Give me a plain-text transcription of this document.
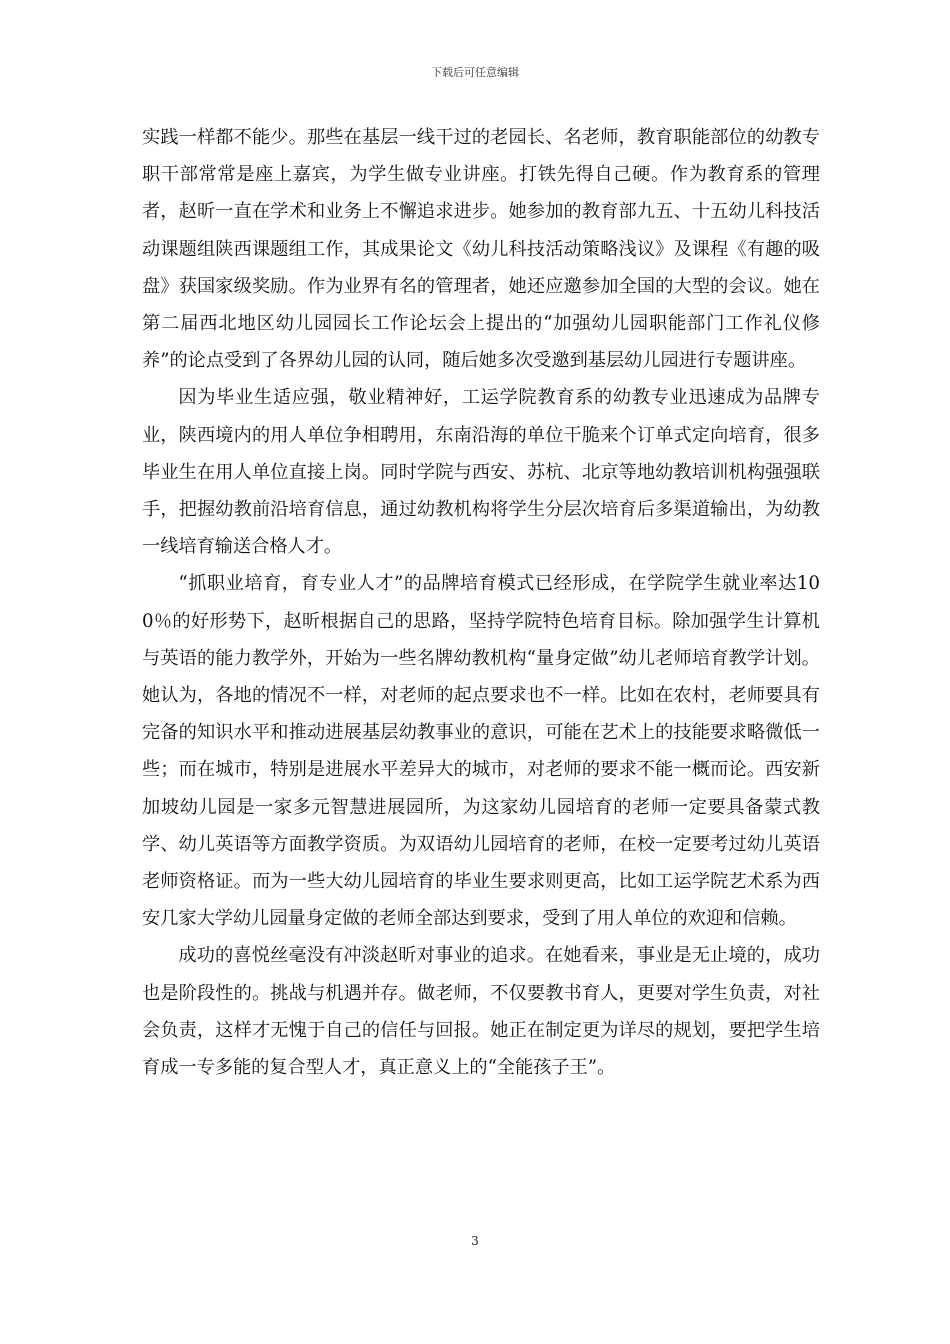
下载后可任意编辑

实践一样都不能少。那些在基层一线干过的老园长、名老师，教育职能部位的幼教专职干部常常是座上嘉宾，为学生做专业讲座。打铁先得自己硬。作为教育系的管理者，赵昕一直在学术和业务上不懈追求进步。她参加的教育部九五、十五幼儿科技活动课题组陕西课题组工作，其成果论文《幼儿科技活动策略浅议》及课程《有趣的吸盘》获国家级奖励。作为业界有名的管理者，她还应邀参加全国的大型的会议。她在第二届西北地区幼儿园园长工作论坛会上提出的“加强幼儿园职能部门工作礼仪修养”的论点受到了各界幼儿园的认同，随后她多次受邀到基层幼儿园进行专题讲座。

因为毕业生适应强，敬业精神好，工运学院教育系的幼教专业迅速成为品牌专业，陕西境内的用人单位争相聘用，东南沿海的单位干脆来个订单式定向培育，很多毕业生在用人单位直接上岗。同时学院与西安、苏杭、北京等地幼教培训机构强强联手，把握幼教前沿培育信息，通过幼教机构将学生分层次培育后多渠道输出，为幼教一线培育输送合格人才。

“抓职业培育，育专业人才”的品牌培育模式已经形成，在学院学生就业率达100％的好形势下，赵昕根据自己的思路，坚持学院特色培育目标。除加强学生计算机与英语的能力教学外，开始为一些名牌幼教机构“量身定做”幼儿老师培育教学计划。她认为，各地的情况不一样，对老师的起点要求也不一样。比如在农村，老师要具有完备的知识水平和推动进展基层幼教事业的意识，可能在艺术上的技能要求略微低一些；而在城市，特别是进展水平差异大的城市，对老师的要求不能一概而论。西安新加坡幼儿园是一家多元智慧进展园所，为这家幼儿园培育的老师一定要具备蒙式教学、幼儿英语等方面教学资质。为双语幼儿园培育的老师，在校一定要考过幼儿英语老师资格证。而为一些大幼儿园培育的毕业生要求则更高，比如工运学院艺术系为西安几家大学幼儿园量身定做的老师全部达到要求，受到了用人单位的欢迎和信赖。

成功的喜悦丝毫没有冲淡赵昕对事业的追求。在她看来，事业是无止境的，成功也是阶段性的。挑战与机遇并存。做老师，不仅要教书育人，更要对学生负责，对社会负责，这样才无愧于自己的信任与回报。她正在制定更为详尽的规划，要把学生培育成一专多能的复合型人才，真正意义上的“全能孩子王”。

3
